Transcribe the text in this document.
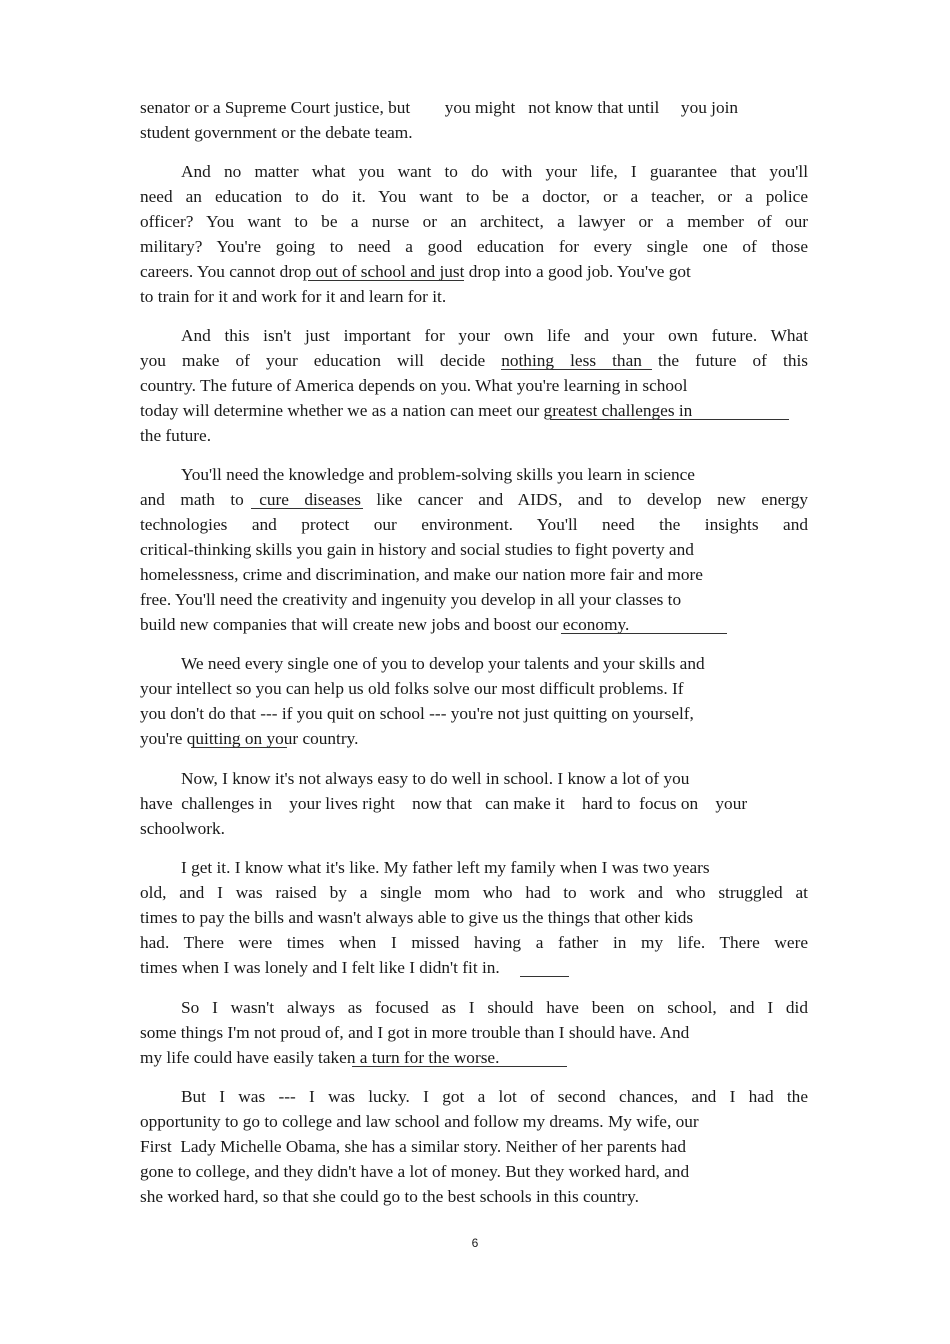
senator or a Supreme Court justice, but        you might   not know that until     you join
student government or the debate team.
And no matter what you want to do with your life, I guarantee that you'll
need an education to do it. You want to be a doctor, or a teacher, or a police
officer? You want to be a nurse or an architect, a lawyer or a member of our
military? You're going to need a good education for every single one of those
careers. You cannot drop out of school and just drop into a good job. You've got
to train for it and work for it and learn for it.
And this isn't just important for your own life and your own future. What
you make of your education will decide nothing less than the future of this
country. The future of America depends on you. What you're learning in school
today will determine whether we as a nation can meet our greatest challenges in
the future.
You'll need the knowledge and problem-solving skills you learn in science
and math to cure diseases like cancer and AIDS, and to develop new energy
technologies and protect our environment. You'll need the insights and
critical-thinking skills you gain in history and social studies to fight poverty and
homelessness, crime and discrimination, and make our nation more fair and more
free. You'll need the creativity and ingenuity you develop in all your classes to
build new companies that will create new jobs and boost our economy.
We need every single one of you to develop your talents and your skills and
your intellect so you can help us old folks solve our most difficult problems. If
you don't do that --- if you quit on school --- you're not just quitting on yourself,
you're quitting on your country.
Now, I know it's not always easy to do well in school. I know a lot of you
have  challenges in    your lives right    now that   can make it    hard to  focus on    your
schoolwork.
I get it. I know what it's like. My father left my family when I was two years
old, and I was raised by a single mom who had to work and who struggled at
times to pay the bills and wasn't always able to give us the things that other kids
had. There were times when I missed having a father in my life. There were
times when I was lonely and I felt like I didn't fit in.
So I wasn't always as focused as I should have been on school, and I did
some things I'm not proud of, and I got in more trouble than I should have. And
my life could have easily taken a turn for the worse.
But I was --- I was lucky. I got a lot of second chances, and I had the
opportunity to go to college and law school and follow my dreams. My wife, our
First  Lady Michelle Obama, she has a similar story. Neither of her parents had
gone to college, and they didn't have a lot of money. But they worked hard, and
she worked hard, so that she could go to the best schools in this country.
6
